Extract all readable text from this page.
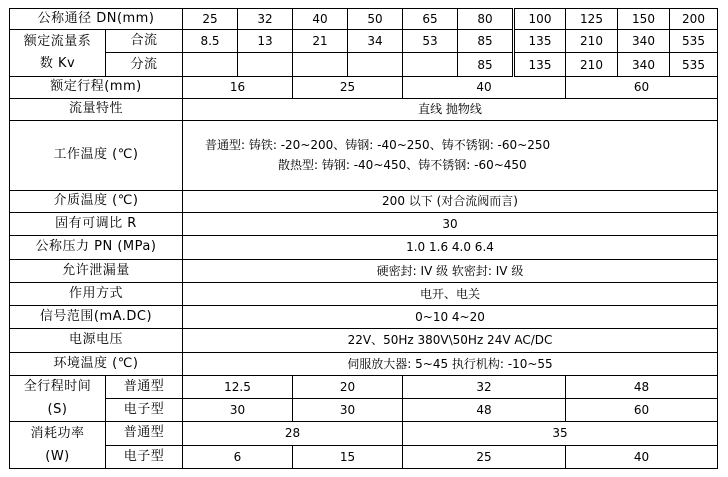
公称通径 DN(mm)		25	32	40	50	65	80	100	125	150	200
额定流量系	合流	8.5	13	21	34	53	85	135	210	340	535
数 Kv	分流						85	135	210	340	535
额定行程(mm)		16		25		40			60		
流量特性		直线 抛物线									
工作温度 (℃)		普通型: 铸铁: -20~200、铸钢: -40~250、铸不锈钢: -60~250
散热型: 铸钢: -40~450、铸不锈钢: -60~450									

介质温度 (℃)		200 以下 (对合流阀而言)									
固有可调比 R		30									
公称压力 PN (MPa)		1.0 1.6 4.0 6.4									
允许泄漏量		硬密封: IV 级 软密封: IV 级									
作用方式		电开、电关									
信号范围(mA.DC)		0~10 4~20									
电源电压		22V、50Hz 380V\50Hz 24V AC/DC									
环境温度 (℃)		伺服放大器: 5~45 执行机构: -10~55									
全行程时间	普通型	12.5		20		32			48		
(S)	电子型	30		30		48			60		
消耗功率	普通型	28				35					
(W)	电子型	6		15		25			40		
